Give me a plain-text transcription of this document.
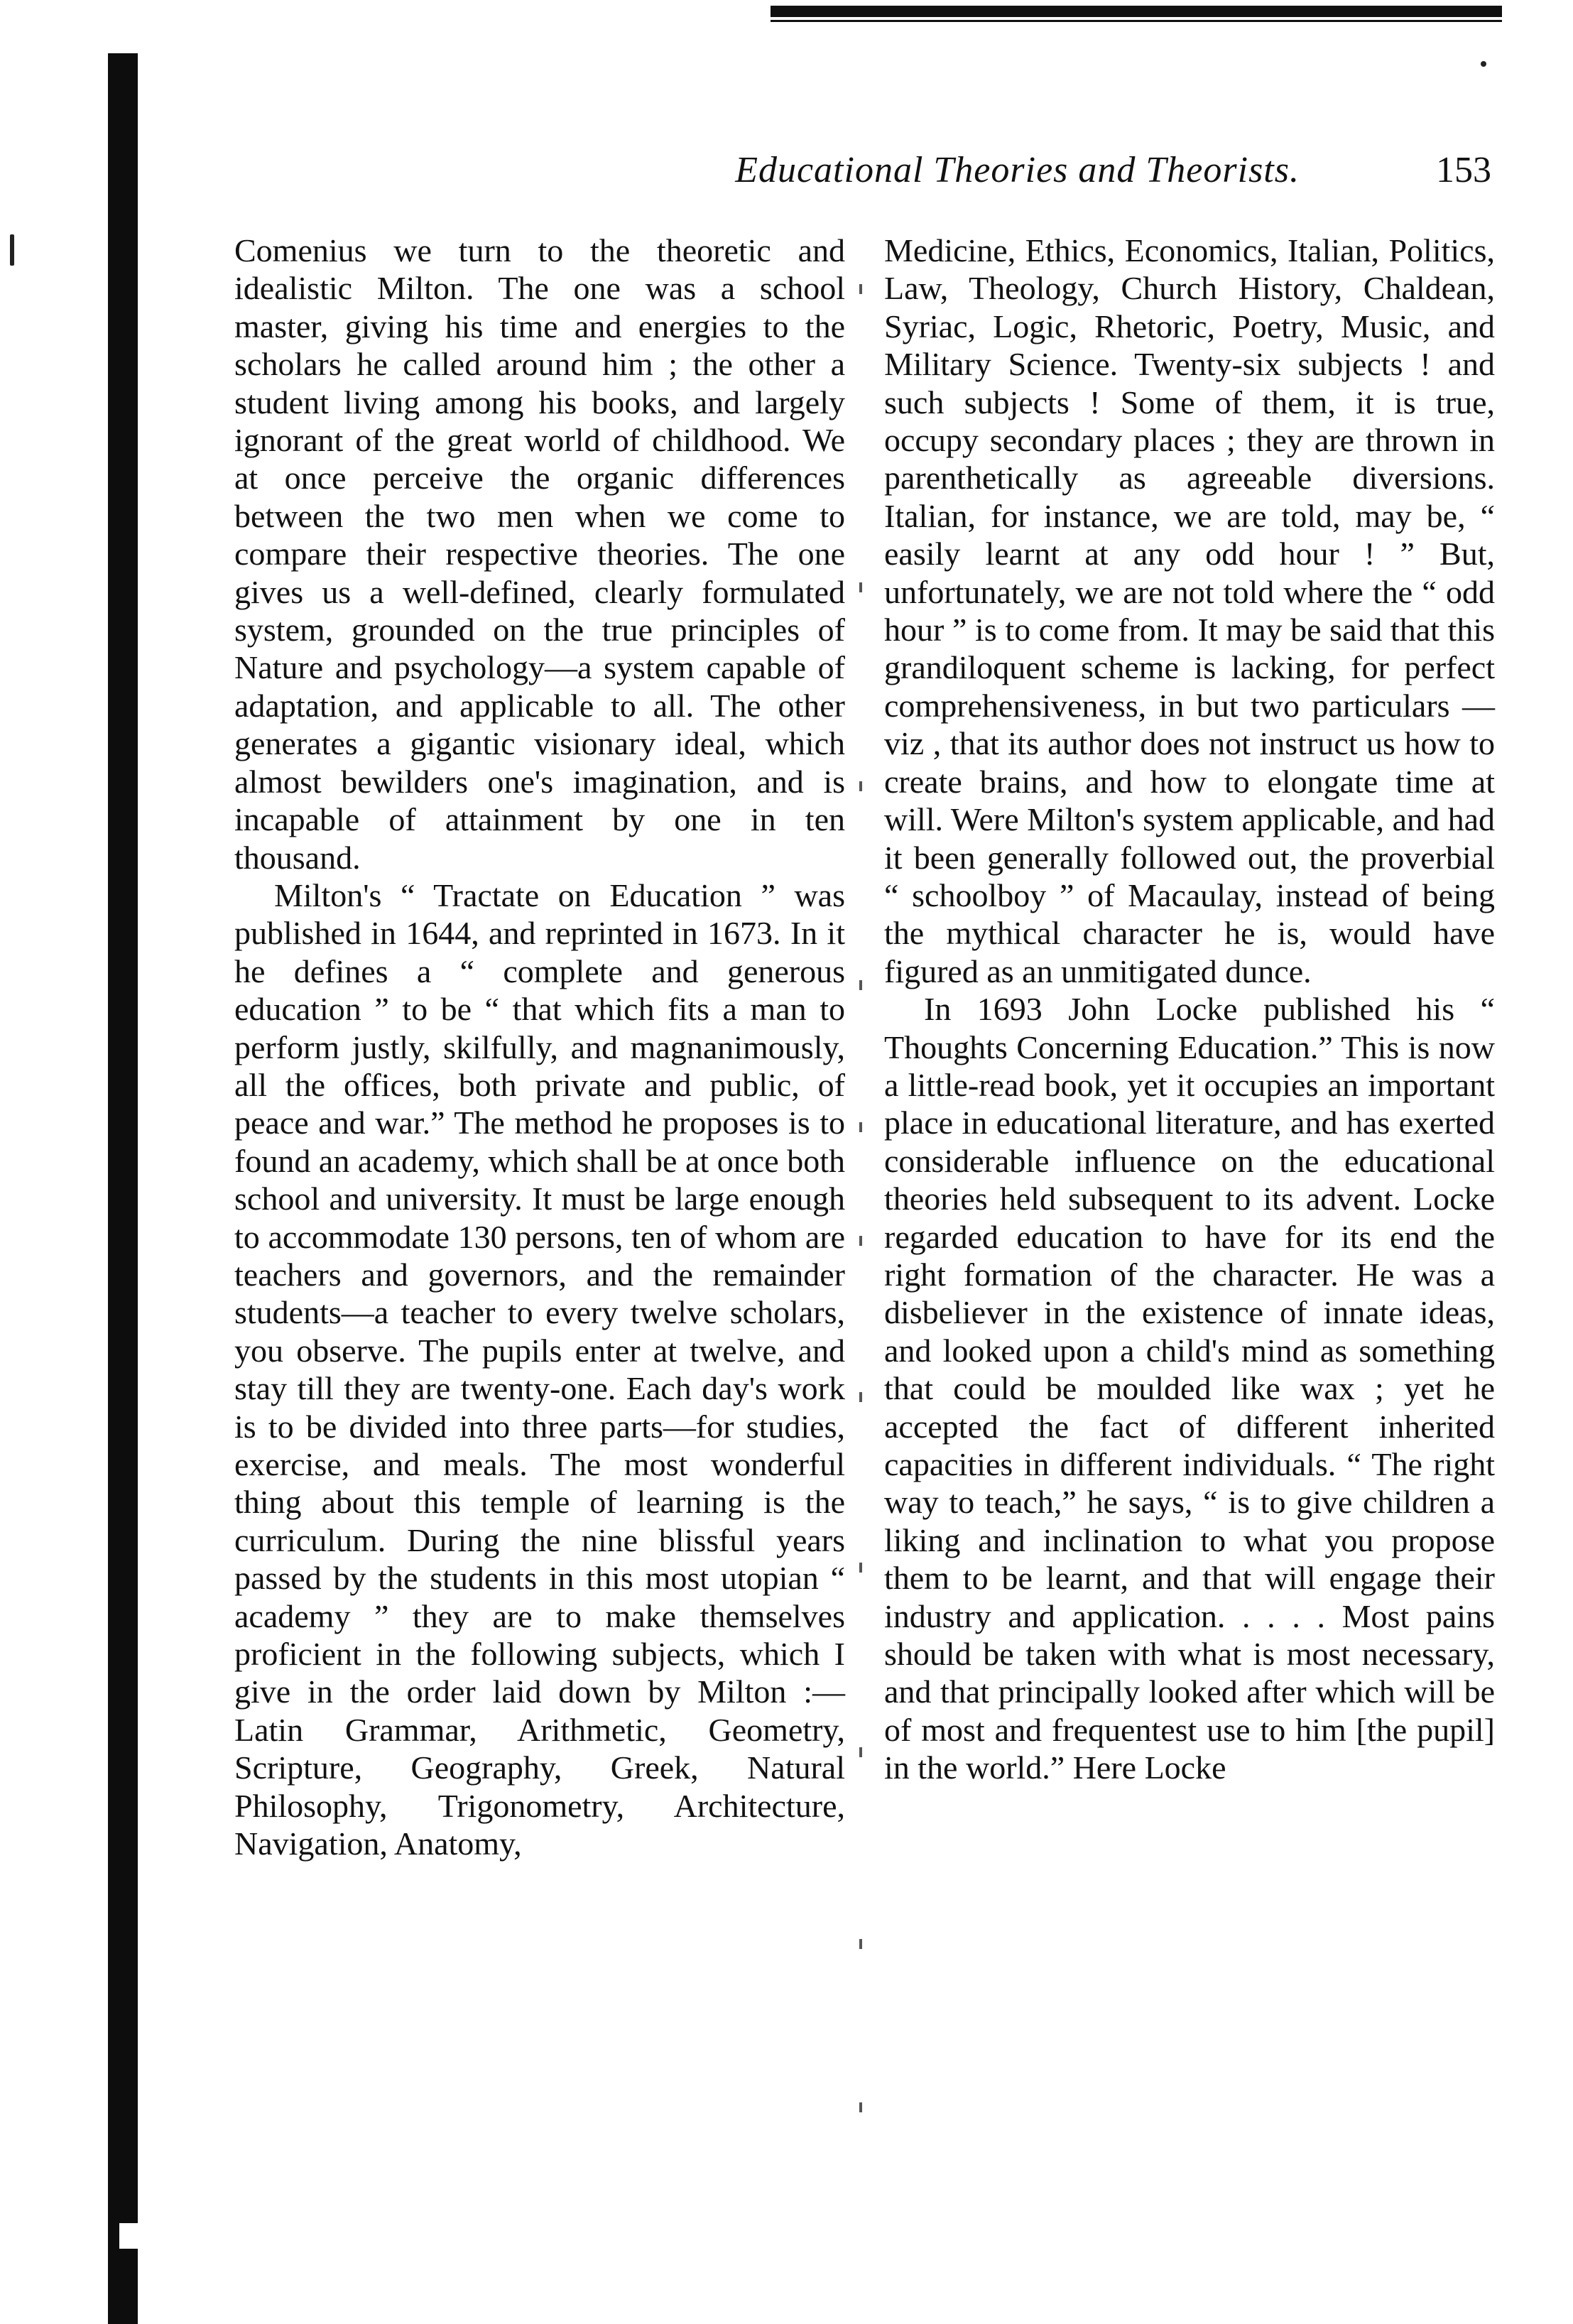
Educational Theories and Theorists.	153

Comenius we turn to the theoretic and idealistic Milton. The one was a school master, giving his time and energies to the scholars he called around him ; the other a student living among his books, and largely ignorant of the great world of childhood. We at once perceive the organic differences between the two men when we come to compare their respective theories. The one gives us a well-defined, clearly formulated system, grounded on the true principles of Nature and psychology—a system capable of adaptation, and applicable to all. The other generates a gigantic visionary ideal, which almost bewilders one's imagination, and is incapable of attainment by one in ten thousand.

Milton's “ Tractate on Education ” was published in 1644, and reprinted in 1673. In it he defines a “ complete and generous education ” to be “ that which fits a man to perform justly, skilfully, and magnanimously, all the offices, both private and public, of peace and war.” The method he proposes is to found an academy, which shall be at once both school and university. It must be large enough to accommodate 130 persons, ten of whom are teachers and governors, and the remainder students—a teacher to every twelve scholars, you observe. The pupils enter at twelve, and stay till they are twenty-one. Each day's work is to be divided into three parts—for studies, exercise, and meals. The most wonderful thing about this temple of learning is the curriculum. During the nine blissful years passed by the students in this most utopian “ academy ” they are to make themselves proficient in the following subjects, which I give in the order laid down by Milton :— Latin Grammar, Arithmetic, Geometry, Scripture, Geography, Greek, Natural Philosophy, Trigonometry, Architecture, Navigation, Anatomy,

Medicine, Ethics, Economics, Italian, Politics, Law, Theology, Church History, Chaldean, Syriac, Logic, Rhetoric, Poetry, Music, and Military Science. Twenty-six subjects ! and such subjects ! Some of them, it is true, occupy secondary places ; they are thrown in parenthetically as agreeable diversions. Italian, for instance, we are told, may be, “ easily learnt at any odd hour ! ” But, unfortunately, we are not told where the “ odd hour ” is to come from. It may be said that this grandiloquent scheme is lacking, for perfect comprehensiveness, in but two particulars —viz , that its author does not instruct us how to create brains, and how to elongate time at will. Were Milton's system applicable, and had it been generally followed out, the proverbial “ schoolboy ” of Macaulay, instead of being the mythical character he is, would have figured as an unmitigated dunce.

In 1693 John Locke published his “ Thoughts Concerning Education.” This is now a little-read book, yet it occupies an important place in educational literature, and has exerted considerable influence on the educational theories held subsequent to its advent. Locke regarded education to have for its end the right formation of the character. He was a disbeliever in the existence of innate ideas, and looked upon a child's mind as something that could be moulded like wax ; yet he accepted the fact of different inherited capacities in different individuals. “ The right way to teach,” he says, “ is to give children a liking and inclination to what you propose them to be learnt, and that will engage their industry and application. . . . . Most pains should be taken with what is most necessary, and that principally looked after which will be of most and frequentest use to him [the pupil] in the world.” Here Locke
